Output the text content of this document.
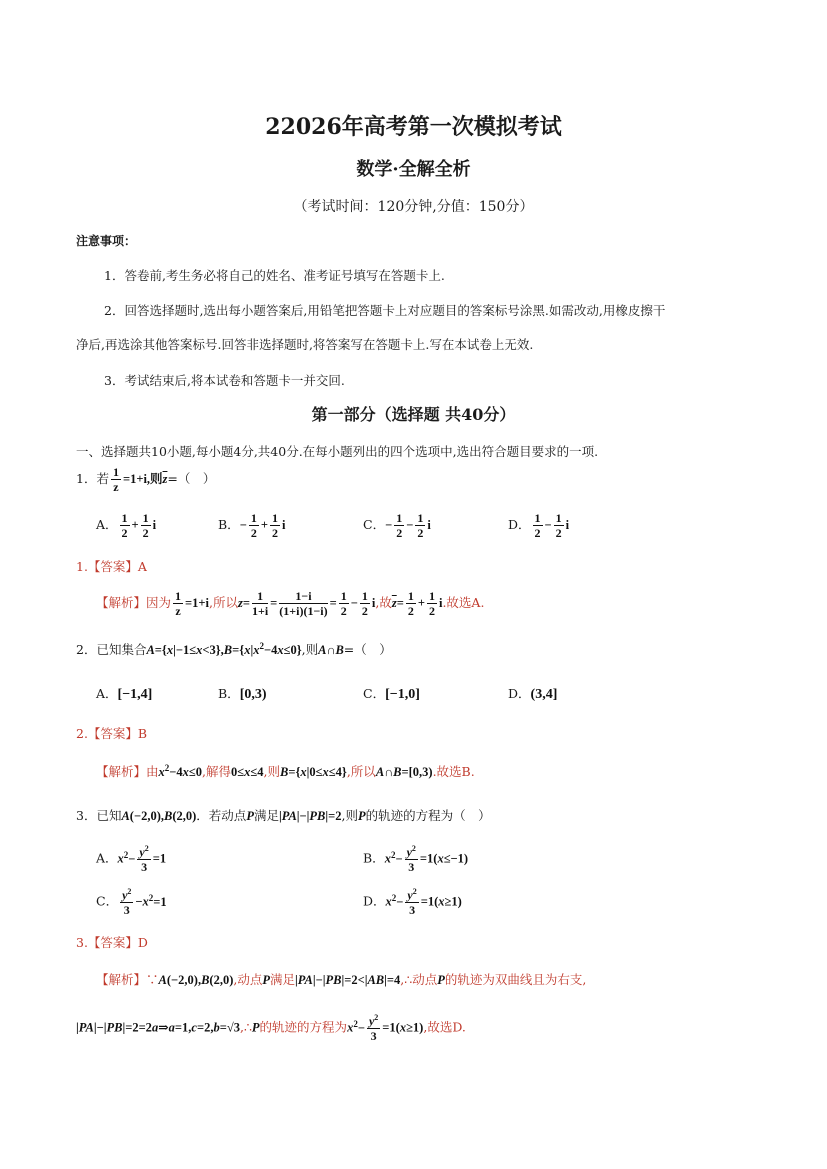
22026年高考第一次模拟考试
数学·全解全析
（考试时间：120分钟,分值：150分）
注意事项：
1．答卷前,考生务必将自己的姓名、准考证号填写在答题卡上.
2．回答选择题时,选出每小题答案后,用铅笔把答题卡上对应题目的答案标号涂黑.如需改动,用橡皮擦干
净后,再选涂其他答案标号.回答非选择题时,将答案写在答题卡上.写在本试卷上无效.
3．考试结束后,将本试卷和答题卡一并交回.
第一部分（选择题 共40分）
一、选择题共10小题,每小题4分,共40分.在每小题列出的四个选项中,选出符合题目要求的一项.
1．若 $\frac{1}{z} =1+i$,则$\overline{z}=$（　）
A． $\frac{1}{2} + \frac{1}{2}$ i	B．− $\frac{1}{2} + \frac{1}{2}$ i	C．− $\frac{1}{2} - \frac{1}{2}$ i	D． $\frac{1}{2} - \frac{1}{2}$ i
1.【答案】A
【解析】因为 $\frac{1}{z} =1+i$,所以$z= \frac{1}{1+i} = \frac{1-i}{(1+i)(1-i)} = \frac{1}{2} - \frac{1}{2} i$,故$\overline{z}= \frac{1}{2} + \frac{1}{2} i$.故选A.
2．已知集合$A=\{x|-1\le x<3\},B=\{x|x^2-4x\le 0\}$,则A∩B=（　）
A．[−1,4]	B．[0,3)	C．[−1,0]	D．(3,4]
2.【答案】B
【解析】由$x^2-4x\le 0$,解得0≤x≤4,则B={x|0≤x≤4},所以A∩B=[0,3).故选B.
3．已知A(−2,0),B(2,0)．若动点P满足|PA|−|PB|=2,则P的轨迹的方程为（　）
A．$x^2- \frac{y^2}{3} =1$	B．$x^2- \frac{y^2}{3} =1(x\le-1)$
C． $\frac{y^2}{3} -x^2=1$	D．$x^2- \frac{y^2}{3} =1(x\ge 1)$
3.【答案】D
【解析】∵A(−2,0),B(2,0),动点P满足|PA|−|PB|=2<|AB|=4,∴动点P的轨迹为双曲线且为右支,
|PA|−|PB|=2=2a⇒a=1,c=2,b=√3,∴P的轨迹的方程为$x^2- \frac{y^2}{3} =1(x\ge 1)$,故选D.
